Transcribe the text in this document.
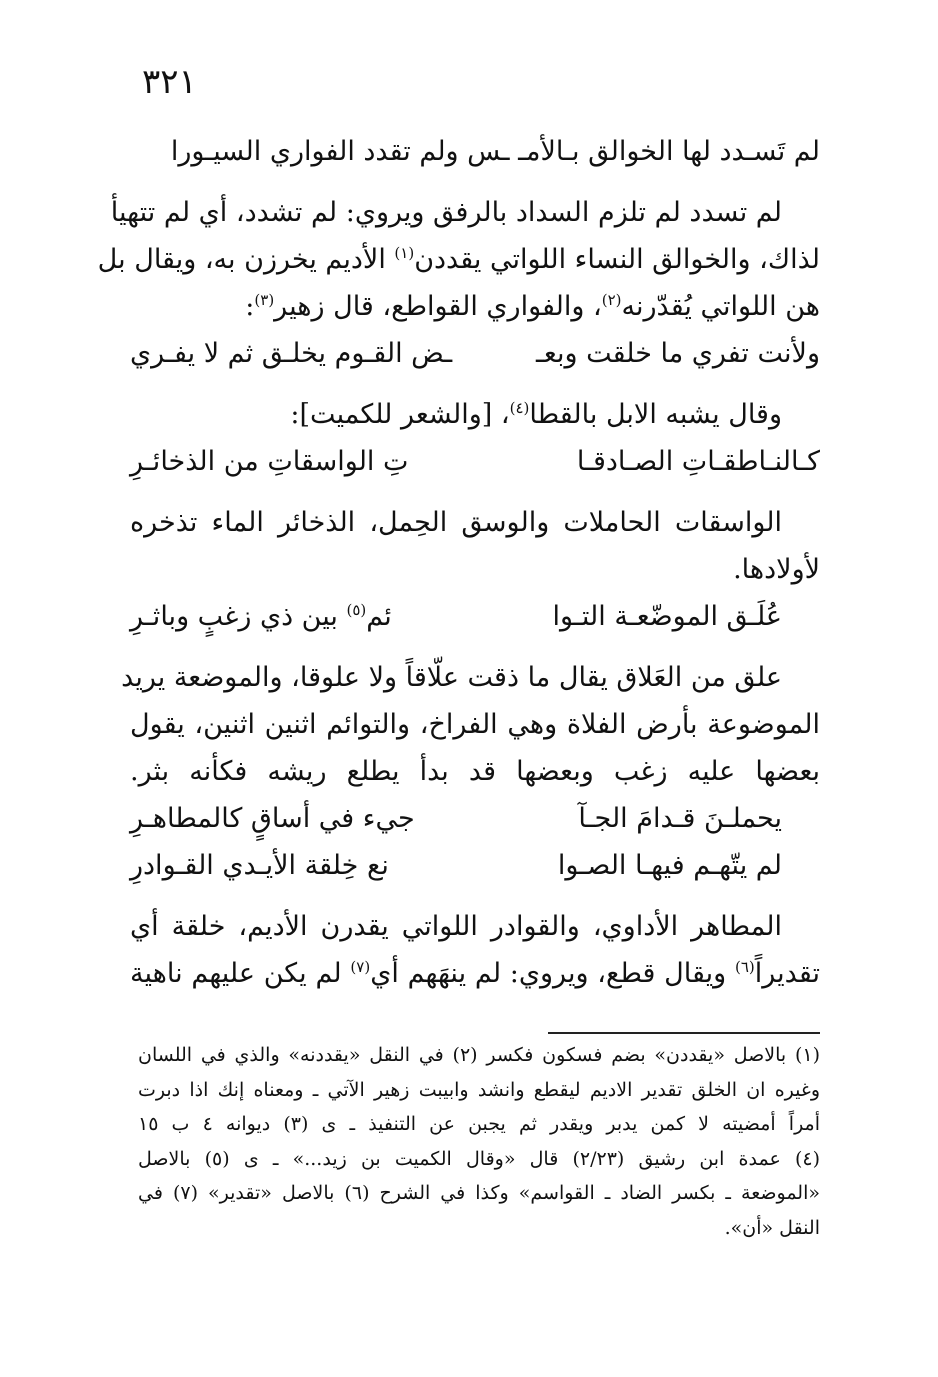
٣٢١
لم تَسـدد لها الخوالق بـالأمـ ـس ولم تقدد الفواري السيـورا
لم تسدد لم تلزم السداد بالرفق ويروي: لم تشدد، أي لم تتهيأ
لذاك، والخوالق النساء اللواتي يقددن$^{(١)}$ الأديم يخرزن به، ويقال بل
هن اللواتي يُقدّرنه$^{(٢)}$، والفواري القواطع، قال زهير$^{(٣)}$:
ولأنت تفري ما خلقت وبعـ
ـض القـوم يخلـق ثم لا يفـري
وقال يشبه الابل بالقطا$^{(٤)}$، [والشعر للكميت]:
كـالنـاطقـاتِ الصـادقـا
تِ الواسقاتِ من الذخائـرِ
الواسقات الحاملات والوسق الحِمل، الذخائر الماء تذخره
لأولادها.
عُلَـق الموضّعـة التـوا
ئم$^{(٥)}$ بين ذي زغبٍ وباثـرِ
علق من العَلاق يقال ما ذقت علّاقاً ولا علوقا، والموضعة يريد
الموضوعة بأرض الفلاة وهي الفراخ، والتوائم اثنين اثنين، يقول
بعضها عليه زغب وبعضها قد بدأ يطلع ريشه فكأنه بثر.
يحملـنَ قـدامَ الجـآ
جيء في أساقٍ كالمطاهـرِ
لم يتّهـم فيهـا الصـوا
نع خِلقة الأيـدي القـوادرِ
المطاهر الأداوي، والقوادر اللواتي يقدرن الأديم، خلقة أي
تقديراً$^{(٦)}$ ويقال قطع، ويروي: لم ينهَهم أي$^{(٧)}$ لم يكن عليهم ناهية
(١) بالاصل «يقددن» بضم فسكون فكسر (٢) في النقل «يقددنه» والذي في اللسان
وغيره ان الخلق تقدير الاديم ليقطع وانشد وابيبت زهير الآتي ـ ومعناه إنك اذا دبرت
أمراً أمضيته لا كمن يدبر ويقدر ثم يجبن عن التنفيذ ـ ى (٣) ديوانه ٤ ب ١٥
(٤) عمدة ابن رشيق (٢/٢٣) قال «وقال الكميت بن زيد...» ـ ى (٥) بالاصل
«الموضعة ـ بكسر الضاد ـ القواسم» وكذا في الشرح (٦) بالاصل «تقدير» (٧) في
النقل «أن».
